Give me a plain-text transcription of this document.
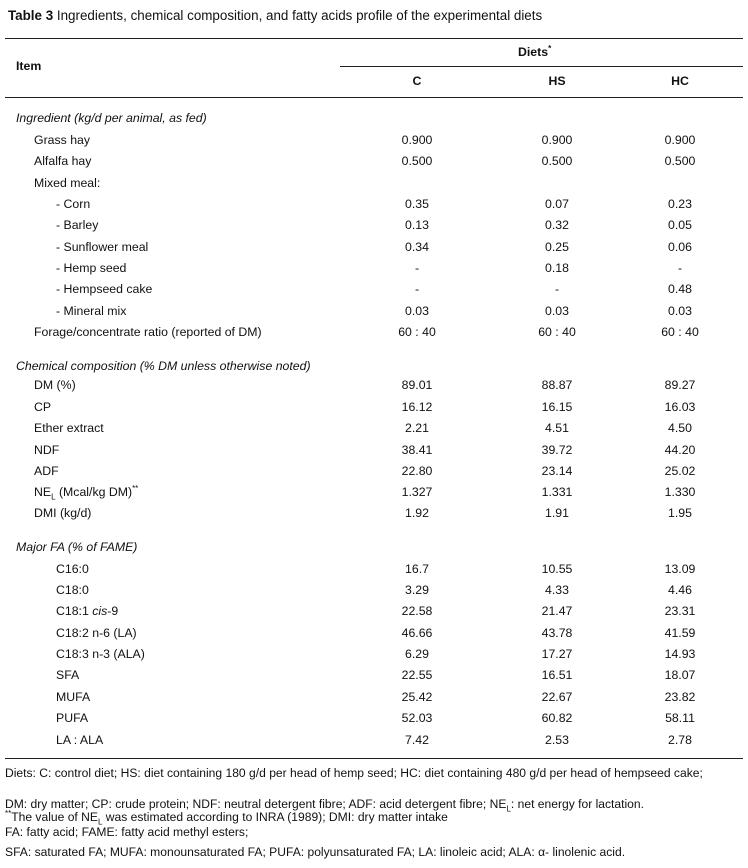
Table 3 Ingredients, chemical composition, and fatty acids profile of the experimental diets
Item
Diets*
C	HS	HC
Ingredient (kg/d per animal, as fed)
Grass hay	0.900	0.900	0.900
Alfalfa hay	0.500	0.500	0.500
Mixed meal:
- Corn	0.35	0.07	0.23
- Barley	0.13	0.32	0.05
- Sunflower meal	0.34	0.25	0.06
- Hemp seed	-	0.18	-
- Hempseed cake	-	-	0.48
- Mineral mix	0.03	0.03	0.03
Forage/concentrate ratio (reported of DM)	60 : 40	60 : 40	60 : 40
Chemical composition (% DM unless otherwise noted)
DM (%)	89.01	88.87	89.27
CP	16.12	16.15	16.03
Ether extract	2.21	4.51	4.50
NDF	38.41	39.72	44.20
ADF	22.80	23.14	25.02
$NE_L$ (Mcal/kg DM)**	1.327	1.331	1.330
DMI (kg/d)	1.92	1.91	1.95
Major FA (% of FAME)
C16:0	16.7	10.55	13.09
C18:0	3.29	4.33	4.46
C18:1 cis-9	22.58	21.47	23.31
C18:2 n-6 (LA)	46.66	43.78	41.59
C18:3 n-3 (ALA)	6.29	17.27	14.93
SFA	22.55	16.51	18.07
MUFA	25.42	22.67	23.82
PUFA	52.03	60.82	58.11
LA : ALA	7.42	2.53	2.78
Diets: C: control diet; HS: diet containing 180 g/d per head of hemp seed; HC: diet containing 480 g/d per head of hempseed cake;
DM: dry matter; CP: crude protein; NDF: neutral detergent fibre; ADF: acid detergent fibre; $NE_L$: net energy for lactation.
**The value of $NE_L$ was estimated according to INRA (1989); DMI: dry matter intake
FA: fatty acid; FAME: fatty acid methyl esters;
SFA: saturated FA; MUFA: monounsaturated FA; PUFA: polyunsaturated FA; LA: linoleic acid; ALA: α- linolenic acid.
